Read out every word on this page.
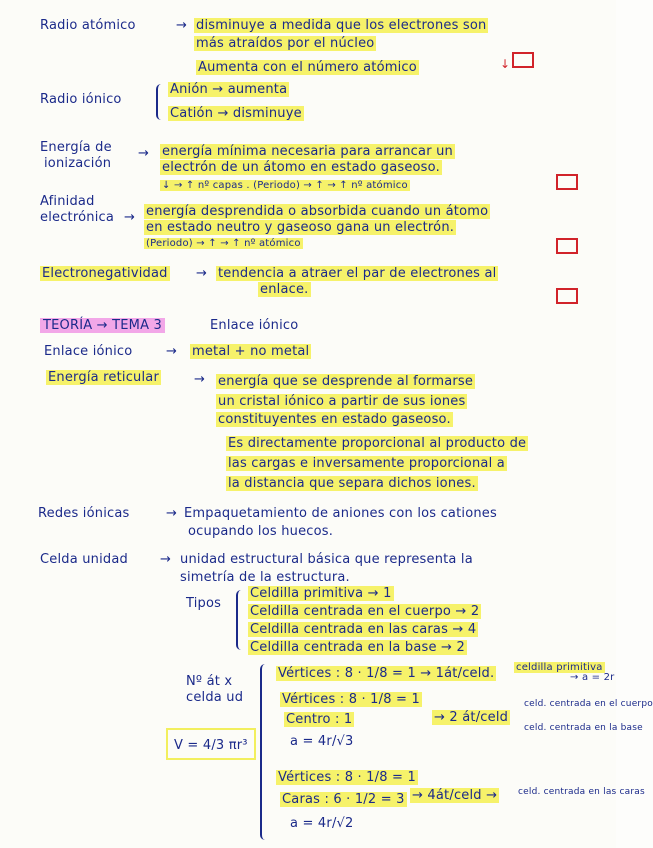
Radio atómico	→ disminuye a medida que los electrones son
más atraídos por el núcleo
Aumenta con el número atómico	↓
Radio iónico
Anión → aumenta
Catión → disminuye
Energía de
ionización
→ energía mínima necesaria para arrancar un
electrón de un átomo en estado gaseoso.
↓ → ↑ nº capas . (Periodo) → ↑ → ↑ nº atómico
Afinidad
electrónica → energía desprendida o absorbida cuando un átomo
en estado neutro y gaseoso gana un electrón.
(Periodo) → ↑ → ↑ nº atómico
Electronegatividad → tendencia a atraer el par de electrones al
enlace.
TEORÍA → TEMA 3	Enlace iónico
Enlace iónico	→ metal + no metal
Energía reticular	→ energía que se desprende al formarse
un cristal iónico a partir de sus iones
constituyentes en estado gaseoso.
Es directamente proporcional al producto de
las cargas e inversamente proporcional a
la distancia que separa dichos iones.
Redes iónicas	→ Empaquetamiento de aniones con los cationes
ocupando los huecos.
Celda unidad → unidad estructural básica que representa la
simetría de la estructura.
Tipos
Celdilla primitiva → 1
Celdilla centrada en el cuerpo → 2
Celdilla centrada en las caras → 4
Celdilla centrada en la base → 2
Nº át x
celda ud
V = 4/3 πr³
Vértices : 8 · 1/8 = 1 → 1át/celd. celdilla primitiva
→ a = 2r
Vértices : 8 · 1/8 = 1
Centro : 1
a = 4r/√3
→ 2 át/celd
celd. centrada en el cuerpo
celd. centrada en la base
Vértices : 8 · 1/8 = 1
Caras : 6 · 1/2 = 3
a = 4r/√2
→ 4át/celd → celd. centrada en las caras
